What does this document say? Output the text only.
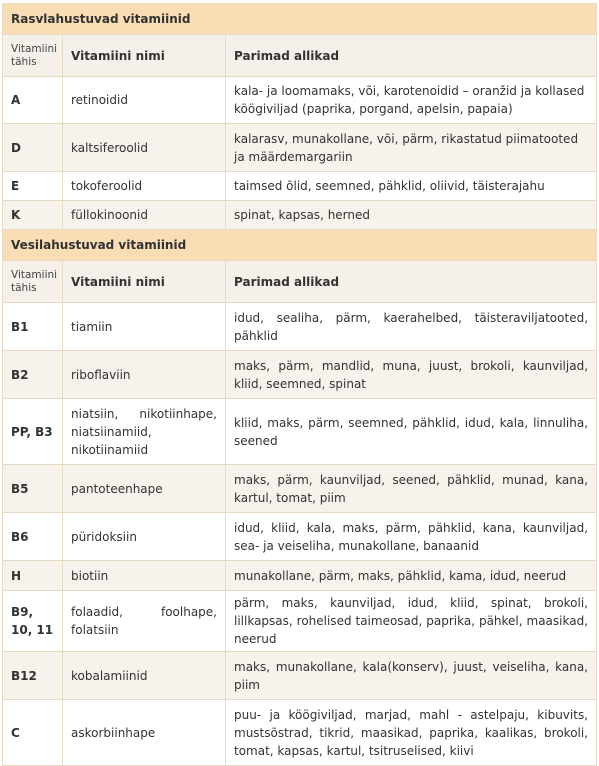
Rasvlahustuvad vitamiinid		
Vitamiini tähis	Vitamiini nimi	Parimad allikad
A	retinoidid	kala- ja loomamaks, või, karotenoidid – oranžid ja kollased köögiviljad (paprika, porgand, apelsin, papaia)
D	kaltsiferoolid	kalarasv, munakollane, või, pärm, rikastatud piimatooted ja määrdemargariin
E	tokoferoolid	taimsed õlid, seemned, pähklid, oliivid, täisterajahu
K	füllokinoonid	spinat, kapsas, herned
Vesilahustuvad vitamiinid		
Vitamiini tähis	Vitamiini nimi	Parimad allikad
B1	tiamiin	idud, sealiha, pärm, kaerahelbed, täisteraviljatooted, pähklid
B2	riboflaviin	maks, pärm, mandlid, muna, juust, brokoli, kaunviljad, kliid, seemned, spinat
PP, B3	niatsiin, nikotiinhape, niatsiinamiid, nikotiinamiid	kliid, maks, pärm, seemned, pähklid, idud, kala, linnuliha, seened
B5	pantoteenhape	maks, pärm, kaunviljad, seened, pähklid, munad, kana, kartul, tomat, piim
B6	püridoksiin	idud, kliid, kala, maks, pärm, pähklid, kana, kaunviljad, sea- ja veiseliha, munakollane, banaanid
H	biotiin	munakollane, pärm, maks, pähklid, kama, idud, neerud
B9, 10, 11	folaadid, foolhape, folatsiin	pärm, maks, kaunviljad, idud, kliid, spinat, brokoli, lillkapsas, rohelised taimeosad, paprika, pähkel, maasikad, neerud
B12	kobalamiinid	maks, munakollane, kala(konserv), juust, veiseliha, kana, piim
C	askorbiinhape	puu- ja köögiviljad, marjad, mahl - astelpaju, kibuvits, mustsõstrad, tikrid, maasikad, paprika, kaalikas, brokoli, tomat, kapsas, kartul, tsitruselised, kiivi
